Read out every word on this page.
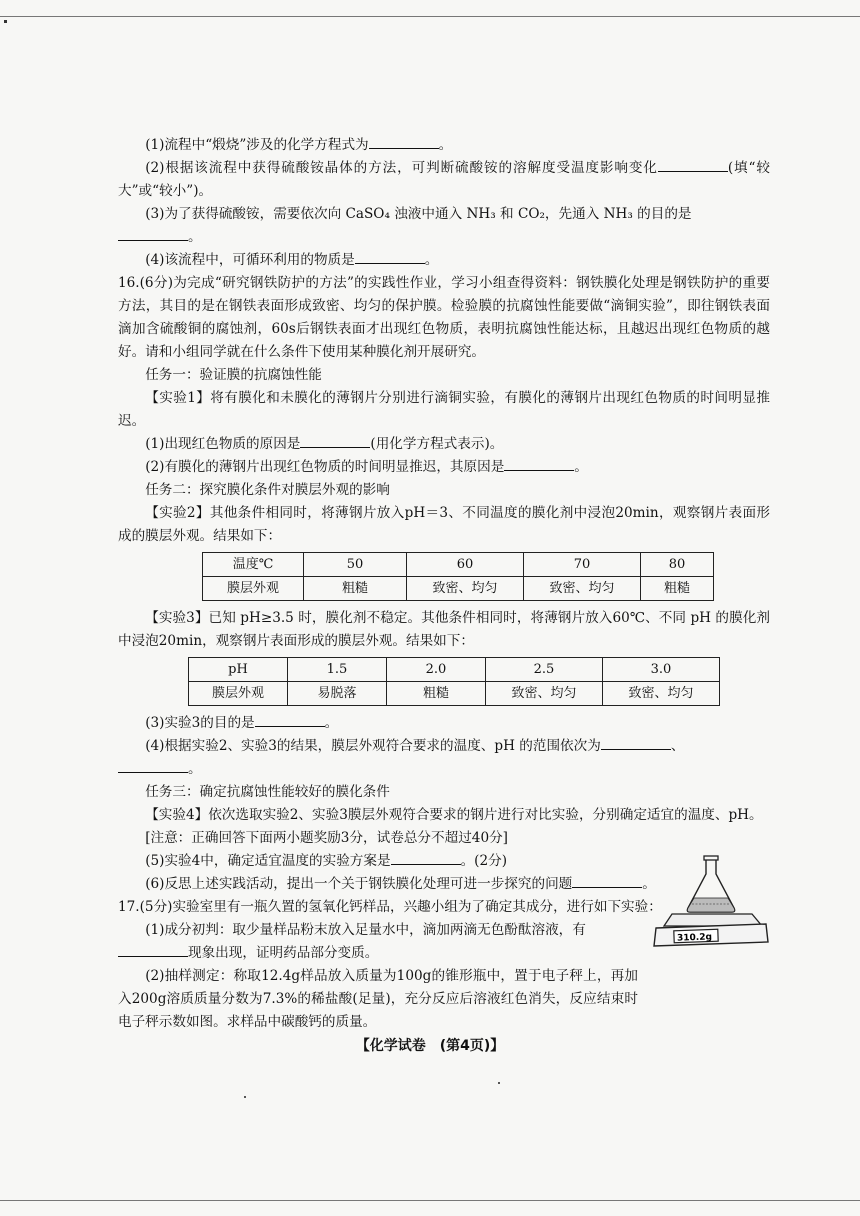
(1)流程中“煅烧”涉及的化学方程式为	。

(2)根据该流程中获得硫酸铵晶体的方法，可判断硫酸铵的溶解度受温度影响变化	(填“较大”或“较小”)。

(3)为了获得硫酸铵，需要依次向 CaSO₄ 浊液中通入 NH₃ 和 CO₂，先通入 NH₃ 的目的是
。

(4)该流程中，可循环利用的物质是	。

16.(6分)为完成“研究钢铁防护的方法”的实践性作业，学习小组查得资料：钢铁膜化处理是钢铁防护的重要方法，其目的是在钢铁表面形成致密、均匀的保护膜。检验膜的抗腐蚀性能要做“滴铜实验”，即往钢铁表面滴加含硫酸铜的腐蚀剂，60s后钢铁表面才出现红色物质，表明抗腐蚀性能达标，且越迟出现红色物质的越好。请和小组同学就在什么条件下使用某种膜化剂开展研究。

任务一：验证膜的抗腐蚀性能

【实验1】将有膜化和未膜化的薄钢片分别进行滴铜实验，有膜化的薄钢片出现红色物质的时间明显推迟。

(1)出现红色物质的原因是	(用化学方程式表示)。

(2)有膜化的薄钢片出现红色物质的时间明显推迟，其原因是	。

任务二：探究膜化条件对膜层外观的影响

【实验2】其他条件相同时，将薄钢片放入pH＝3、不同温度的膜化剂中浸泡20min，观察钢片表面形成的膜层外观。结果如下：

温度℃	50	60	70	80
膜层外观	粗糙	致密、均匀	致密、均匀	粗糙

【实验3】已知 pH≥3.5 时，膜化剂不稳定。其他条件相同时，将薄钢片放入60℃、不同 pH 的膜化剂中浸泡20min，观察钢片表面形成的膜层外观。结果如下：

pH	1.5	2.0	2.5	3.0
膜层外观	易脱落	粗糙	致密、均匀	致密、均匀

(3)实验3的目的是	。

(4)根据实验2、实验3的结果，膜层外观符合要求的温度、pH 的范围依次为	、
。

任务三：确定抗腐蚀性能较好的膜化条件

【实验4】依次选取实验2、实验3膜层外观符合要求的钢片进行对比实验，分别确定适宜的温度、pH。

[注意：正确回答下面两小题奖励3分，试卷总分不超过40分]

(5)实验4中，确定适宜温度的实验方案是	。(2分)

(6)反思上述实践活动，提出一个关于钢铁膜化处理可进一步探究的问题	。

17.(5分)实验室里有一瓶久置的氢氧化钙样品，兴趣小组为了确定其成分，进行如下实验：

(1)成分初判：取少量样品粉末放入足量水中，滴加两滴无色酚酞溶液，有
现象出现，证明药品部分变质。

(2)抽样测定：称取12.4g样品放入质量为100g的锥形瓶中，置于电子秤上，再加入200g溶质质量分数为7.3%的稀盐酸(足量)，充分反应后溶液红色消失，反应结束时电子秤示数如图。求样品中碳酸钙的质量。

310.2g
【化学试卷　(第4页)】
